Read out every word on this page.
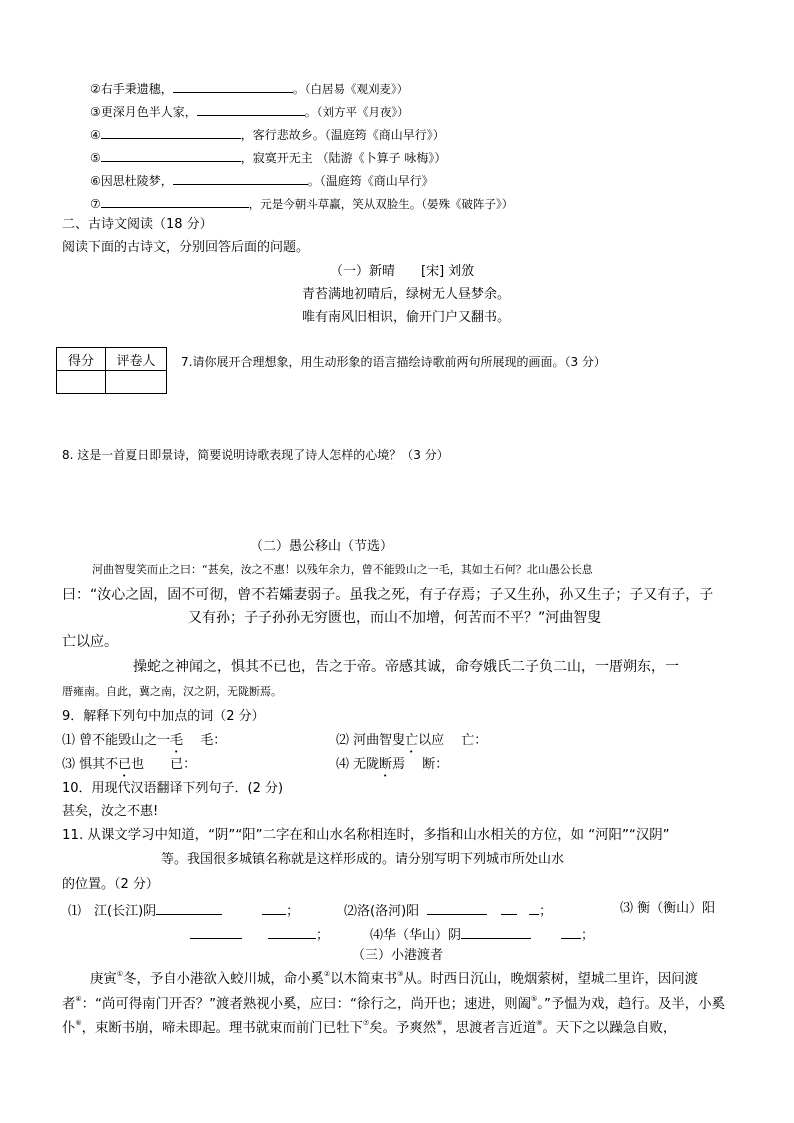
②右手秉遗穗，	。（白居易《观刈麦》）
③更深月色半人家，	。（刘方平《月夜》）
④	，客行悲故乡。（温庭筠《商山早行》）
⑤	，寂寞开无主 （陆游《卜算子 咏梅》）
⑥因思杜陵梦，	。（温庭筠《商山早行》
⑦	，元是今朝斗草赢，笑从双脸生。（晏殊《破阵子》）
二、古诗文阅读（18 分）
阅读下面的古诗文，分别回答后面的问题。
（一）新晴　　[宋] 刘攽
青苔满地初晴后，绿树无人昼梦余。
唯有南风旧相识，偷开门户又翻书。
得分	评卷人
	7.请你展开合理想象，用生动形象的语言描绘诗歌前两句所展现的画面。（3 分）
8. 这是一首夏日即景诗，简要说明诗歌表现了诗人怎样的心境？（3 分）
（二）愚公移山（节选）
河曲智叟笑而止之曰：“甚矣，汝之不惠！以残年余力，曾不能毁山之一毛，其如土石何？北山愚公长息
曰：“汝心之固，固不可彻，曾不若孀妻弱子。虽我之死，有子存焉；子又生孙，孙又生子；子又有子，子
又有孙；子子孙孙无穷匮也，而山不加增，何苦而不平？”河曲智叟
亡以应。
操蛇之神闻之，惧其不已也，告之于帝。帝感其诚，命夸娥氏二子负二山，一厝朔东，一
厝雍南。自此，冀之南，汉之阴，无陇断焉。
9．解释下列句中加点的词（2 分）
⑴ 曾不能毁山之一毛　 毛：	⑵ 河曲智叟亡以应　 亡：
⑶ 惧其不已也　　已：	⑷ 无陇断焉　 断：
10．用现代汉语翻译下列句子．(2 分)
甚矣，汝之不惠!
11. 从课文学习中知道，“阴”“阳”二字在和山水名称相连时，多指和山水相关的方位，如 “河阳”“汉阴”
等。我国很多城镇名称就是这样形成的。请分别写明下列城市所处山水
的位置。（2 分）
⑴　江(长江)阴	；	⑵洛(洛河)阳	；	⑶ 衡（衡山）阳
；	⑷华（华山）阴	；
（三）小港渡者
庚寅①冬，予自小港欲入蛟川城，命小奚②以木简束书③从。时西日沉山，晚烟萦树，望城二里许，因问渡
者④：“尚可得南门开否？”渡者熟视小奚，应曰：“徐行之，尚开也；速进，则阖⑤。”予愠为戏，趋行。及半，小奚
仆⑥，束断书崩，啼未即起。理书就束而前门已牡下⑦矣。予爽然⑧，思渡者言近道⑨。天下之以躁急自败，
